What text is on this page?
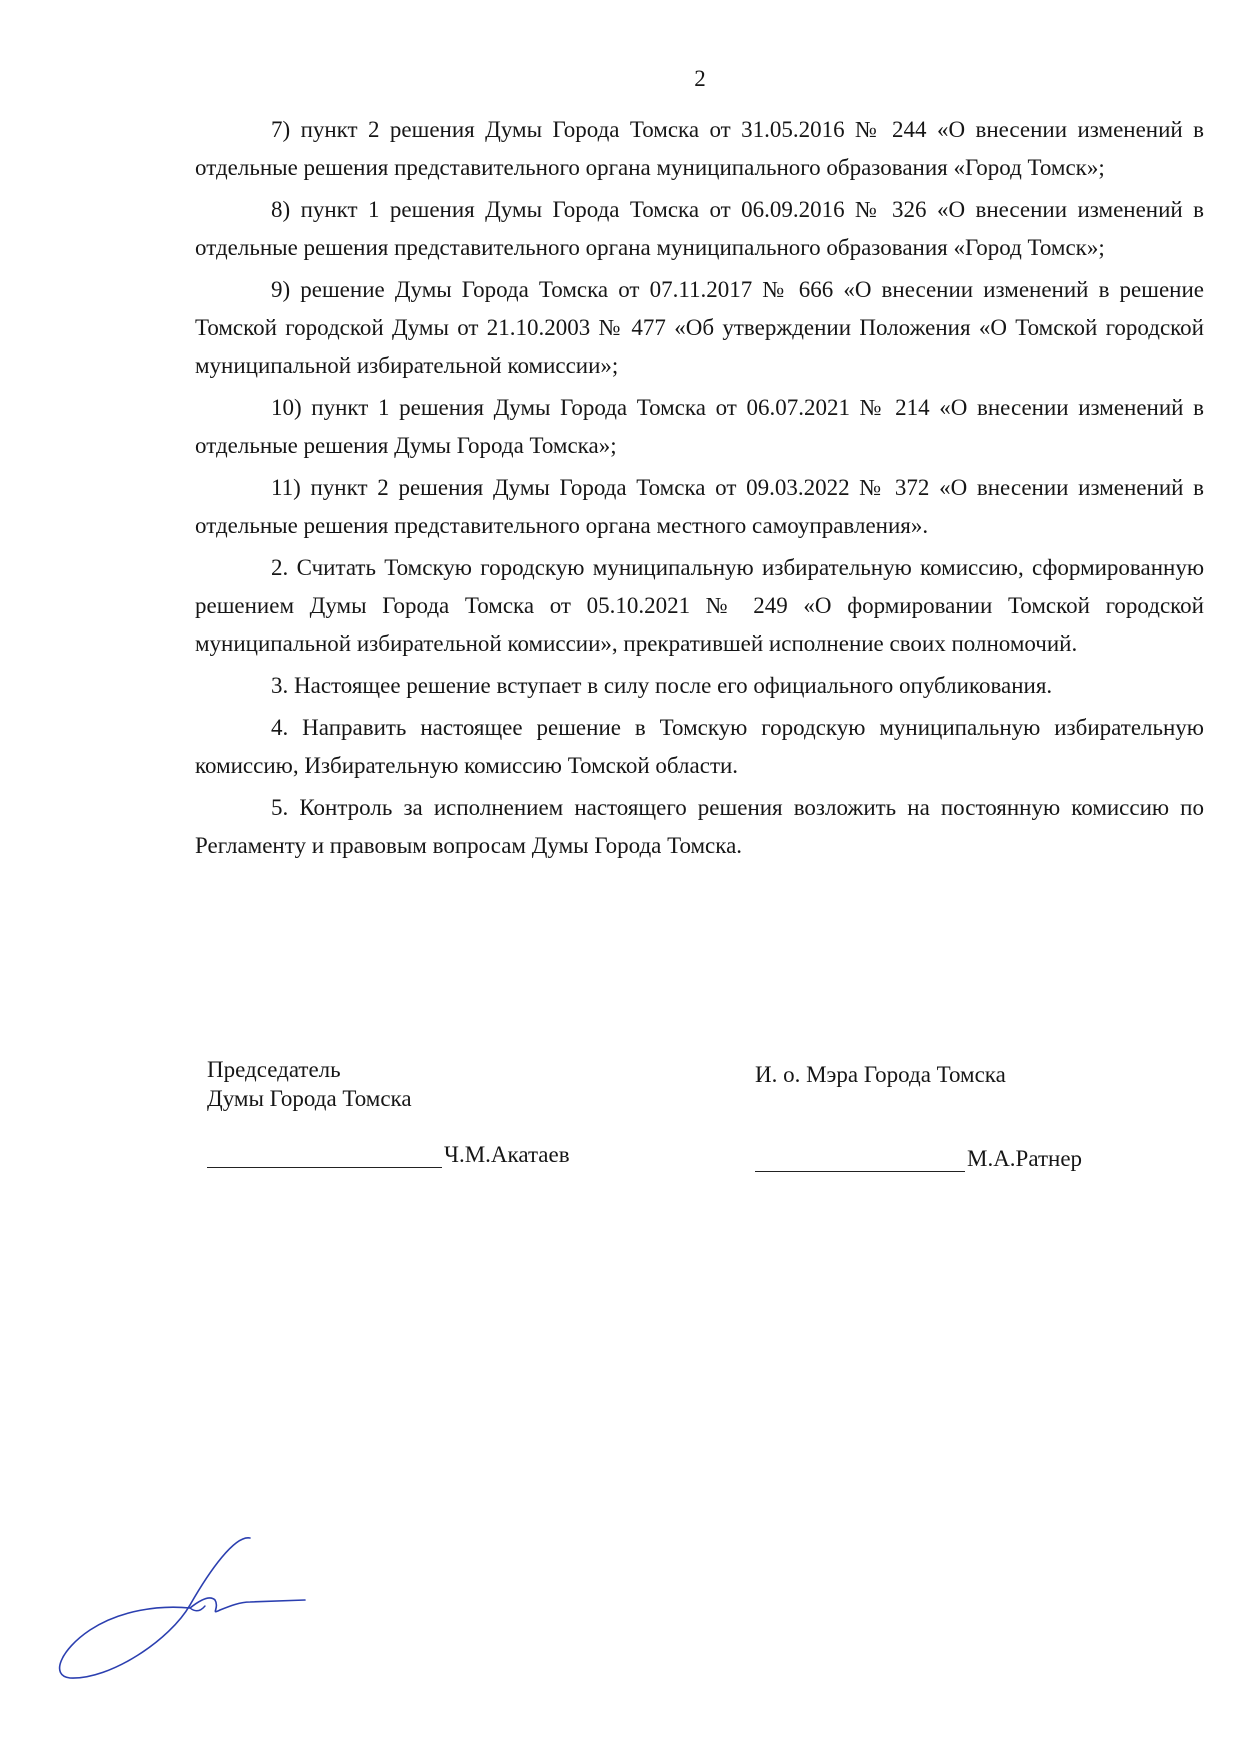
2

7) пункт 2 решения Думы Города Томска от 31.05.2016 № 244 «О внесении изменений в отдельные решения представительного органа муниципального образования «Город Томск»;

8) пункт 1 решения Думы Города Томска от 06.09.2016 № 326 «О внесении изменений в отдельные решения представительного органа муниципального образования «Город Томск»;

9) решение Думы Города Томска от 07.11.2017 № 666 «О внесении изменений в решение Томской городской Думы от 21.10.2003 № 477 «Об утверждении Положения «О Томской городской муниципальной избирательной комиссии»;

10) пункт 1 решения Думы Города Томска от 06.07.2021 № 214 «О внесении изменений в отдельные решения Думы Города Томска»;

11) пункт 2 решения Думы Города Томска от 09.03.2022 № 372 «О внесении изменений в отдельные решения представительного органа местного самоуправления».

2. Считать Томскую городскую муниципальную избирательную комиссию, сформированную решением Думы Города Томска от 05.10.2021 № 249 «О формировании Томской городской муниципальной избирательной комиссии», прекратившей исполнение своих полномочий.

3. Настоящее решение вступает в силу после его официального опубликования.

4. Направить настоящее решение в Томскую городскую муниципальную избирательную комиссию, Избирательную комиссию Томской области.

5. Контроль за исполнением настоящего решения возложить на постоянную комиссию по Регламенту и правовым вопросам Думы Города Томска.

Председатель
Думы Города Томска
И. о. Мэра Города Томска
Ч.М.Акатаев	М.А.Ратнер
